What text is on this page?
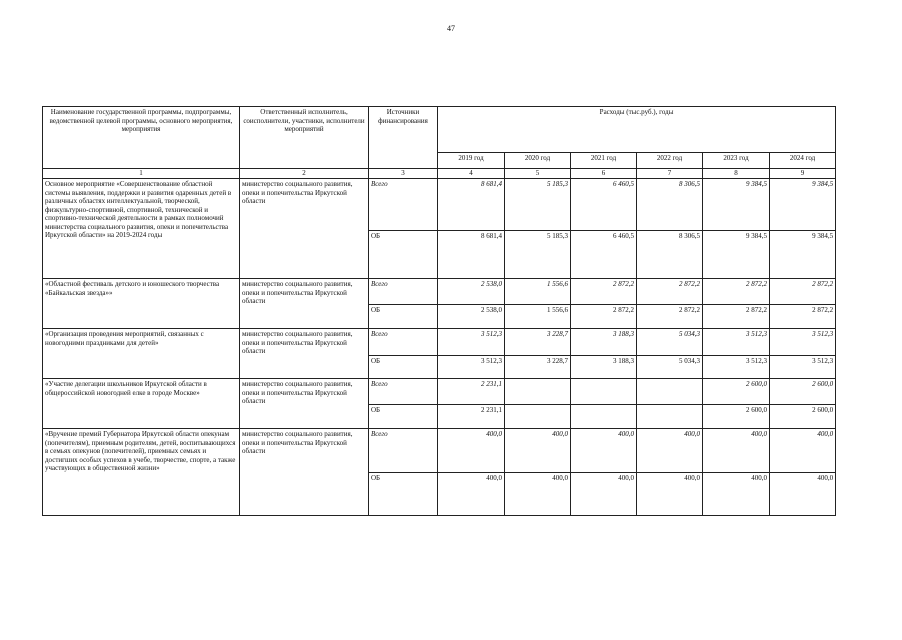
47
Наименование государственной программы, подпрограммы, ведомственной целевой программы, основного мероприятия, мероприятия	Ответственный исполнитель, соисполнители, участники, исполнители мероприятий	Источники финансирования	Расходы (тыс.руб.), годы					
			2019 год	2020 год	2021 год	2022 год	2023 год	2024 год
1	2	3	4	5	6	7	8	9
Основное мероприятие «Совершенствование областной системы выявления, поддержки и развития одаренных детей в различных областях интеллектуальной, творческой, физкультурно-спортивной, спортивной, технической и спортивно-технической деятельности в рамках полномочий министерства социального развития, опеки и попечительства Иркутской области» на 2019-2024 годы	министерство социального развития, опеки и попечительства Иркутской области	Всего	8 681,4	5 185,3	6 460,5	8 306,5	9 384,5	9 384,5
		ОБ	8 681,4	5 185,3	6 460,5	8 306,5	9 384,5	9 384,5
«Областной фестиваль детского и юношеского творчества «Байкальская звезда»»	министерство социального развития, опеки и попечительства Иркутской области	Всего	2 538,0	1 556,6	2 872,2	2 872,2	2 872,2	2 872,2
		ОБ	2 538,0	1 556,6	2 872,2	2 872,2	2 872,2	2 872,2
«Организация проведения мероприятий, связанных с новогодними праздниками для детей»	министерство социального развития, опеки и попечительства Иркутской области	Всего	3 512,3	3 228,7	3 188,3	5 034,3	3 512,3	3 512,3
		ОБ	3 512,3	3 228,7	3 188,3	5 034,3	3 512,3	3 512,3
«Участие делегации школьников Иркутской области в общероссийской новогодней елке в городе Москве»	министерство социального развития, опеки и попечительства Иркутской области	Всего	2 231,1				2 600,0	2 600,0
		ОБ	2 231,1				2 600,0	2 600,0
«Вручение премий Губернатора Иркутской области опекунам (попечителям), приемным родителям, детей, воспитывающихся в семьях опекунов (попечителей), приемных семьях и достигших особых успехов в учебе, творчестве, спорте, а также участвующих в общественной жизни»	министерство социального развития, опеки и попечительства Иркутской области	Всего	400,0	400,0	400,0	400,0	400,0	400,0
		ОБ	400,0	400,0	400,0	400,0	400,0	400,0
